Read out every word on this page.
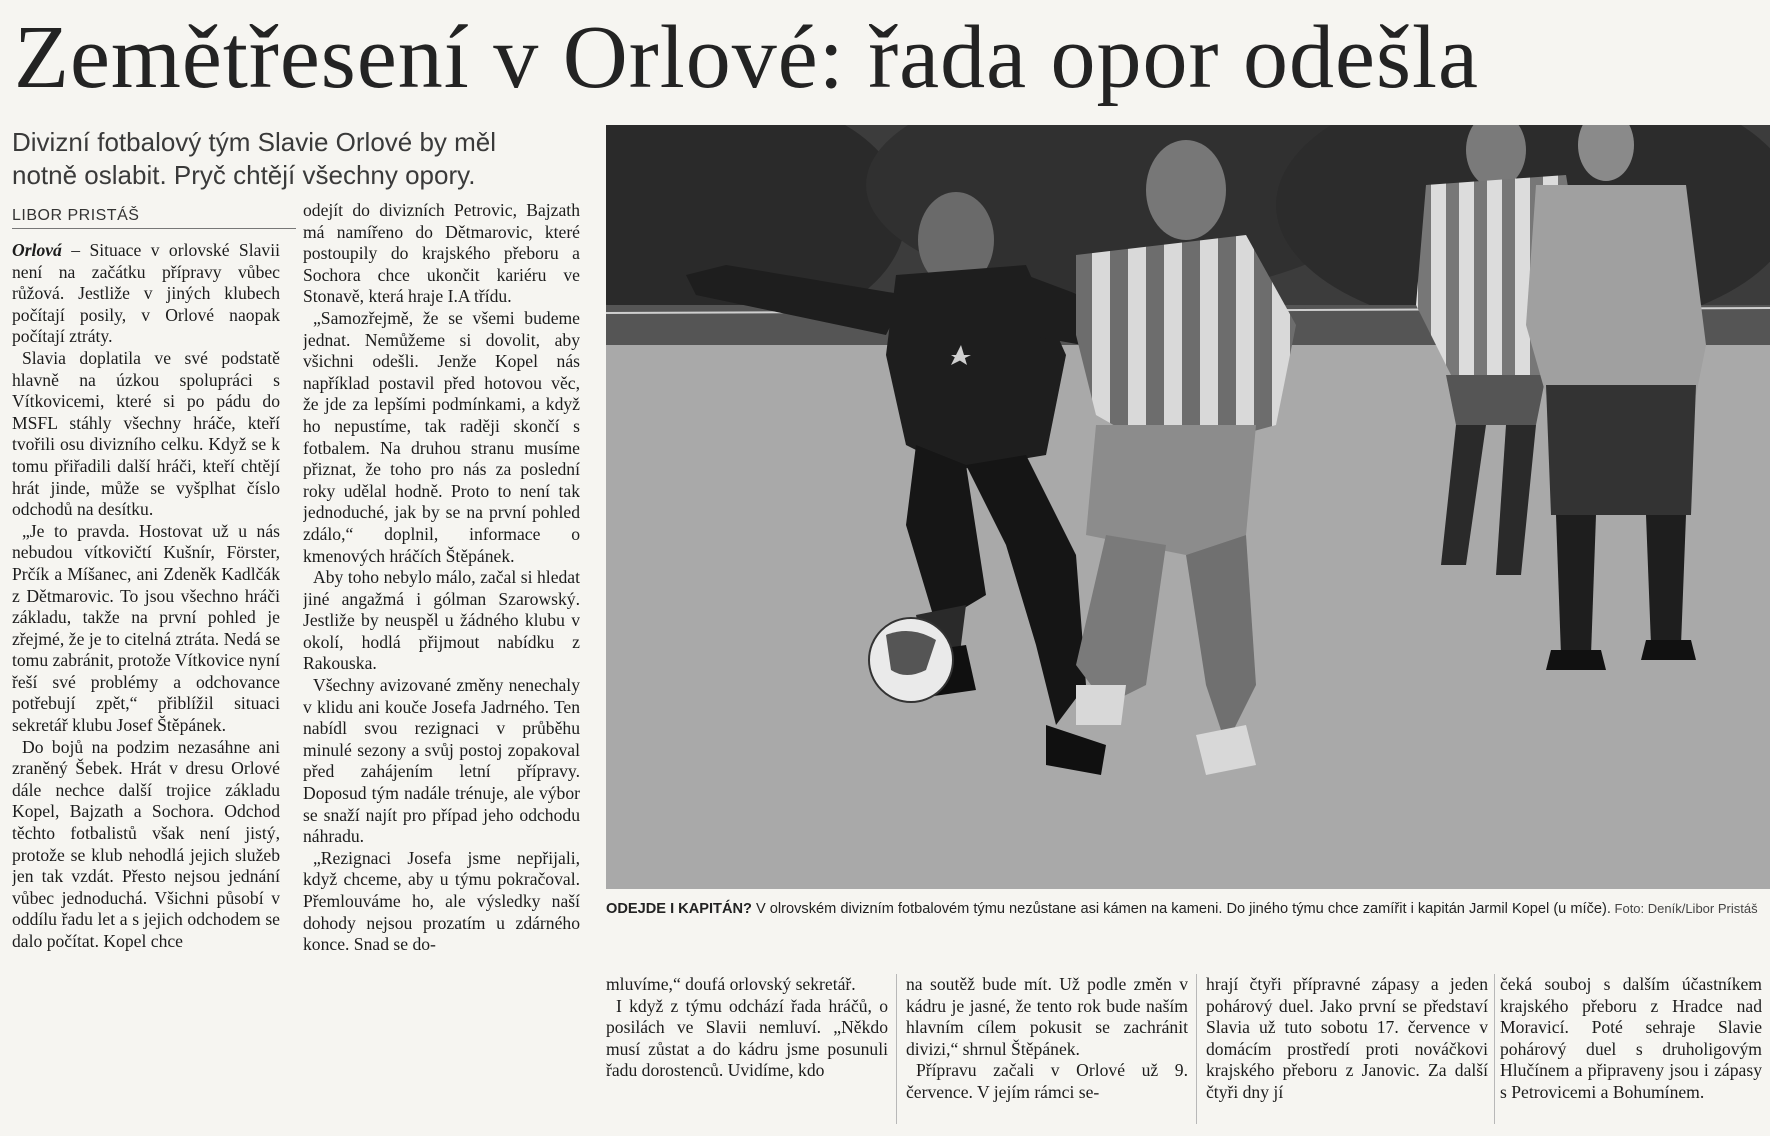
Zemětřesení v Orlové: řada opor odešla

Divizní fotbalový tým Slavie Orlové by měl notně oslabit. Pryč chtějí všechny opory.

LIBOR PRISTÁŠ

Orlová – Situace v orlovské Slavii není na začátku přípravy vůbec růžová. Jestliže v jiných klubech počítají posily, v Orlové naopak počítají ztráty.

Slavia doplatila ve své podstatě hlavně na úzkou spolupráci s Vítkovicemi, které si po pádu do MSFL stáhly všechny hráče, kteří tvořili osu divizního celku. Když se k tomu přiřadili další hráči, kteří chtějí hrát jinde, může se vyšplhat číslo odchodů na desítku.

„Je to pravda. Hostovat už u nás nebudou vítkovičtí Kušnír, Förster, Prčík a Míšanec, ani Zdeněk Kadlčák z Dětmarovic. To jsou všechno hráči základu, takže na první pohled je zřejmé, že je to citelná ztráta. Nedá se tomu zabránit, protože Vítkovice nyní řeší své problémy a odchovance potřebují zpět,“ přiblížil situaci sekretář klubu Josef Štěpánek.

Do bojů na podzim nezasáhne ani zraněný Šebek. Hrát v dresu Orlové dále nechce další trojice základu Kopel, Bajzath a Sochora. Odchod těchto fotbalistů však není jistý, protože se klub nehodlá jejich služeb jen tak vzdát. Přesto nejsou jednání vůbec jednoduchá. Všichni působí v oddílu řadu let a s jejich odchodem se dalo počítat. Kopel chce

odejít do divizních Petrovic, Bajzath má namířeno do Dětmarovic, které postoupily do krajského přeboru a Sochora chce ukončit kariéru ve Stonavě, která hraje I.A třídu.

„Samozřejmě, že se všemi budeme jednat. Nemůžeme si dovolit, aby všichni odešli. Jenže Kopel nás například postavil před hotovou věc, že jde za lepšími podmínkami, a když ho nepustíme, tak raději skončí s fotbalem. Na druhou stranu musíme přiznat, že toho pro nás za poslední roky udělal hodně. Proto to není tak jednoduché, jak by se na první pohled zdálo,“ doplnil, informace o kmenových hráčích Štěpánek.

Aby toho nebylo málo, začal si hledat jiné angažmá i gólman Szarowský. Jestliže by neuspěl u žádného klubu v okolí, hodlá přijmout nabídku z Rakouska.

Všechny avizované změny nenechaly v klidu ani kouče Josefa Jadrného. Ten nabídl svou rezignaci v průběhu minulé sezony a svůj postoj zopakoval před zahájením letní přípravy. Doposud tým nadále trénuje, ale výbor se snaží najít pro případ jeho odchodu náhradu.

„Rezignaci Josefa jsme nepřijali, když chceme, aby u týmu pokračoval. Přemlouváme ho, ale výsledky naší dohody nejsou prozatím u zdárného konce. Snad se do-

ODEJDE I KAPITÁN? V olrovském divizním fotbalovém týmu nezůstane asi kámen na kameni. Do jiného týmu chce zamířit i kapitán Jarmil Kopel (u míče). Foto: Deník/Libor Pristáš

mluvíme,“ doufá orlovský sekretář.

I když z týmu odchází řada hráčů, o posilách ve Slavii nemluví. „Někdo musí zůstat a do kádru jsme posunuli řadu dorostenců. Uvidíme, kdo

na soutěž bude mít. Už podle změn v kádru je jasné, že tento rok bude naším hlavním cílem pokusit se zachránit divizi,“ shrnul Štěpánek.

Přípravu začali v Orlové už 9. července. V jejím rámci se-

hrají čtyři přípravné zápasy a jeden pohárový duel. Jako první se představí Slavia už tuto sobotu 17. července v domácím prostředí proti nováčkovi krajského přeboru z Janovic. Za další čtyři dny jí

čeká souboj s dalším účastníkem krajského přeboru z Hradce nad Moravicí. Poté sehraje Slavie pohárový duel s druholigovým Hlučínem a připraveny jsou i zápasy s Petrovicemi a Bohumínem.
